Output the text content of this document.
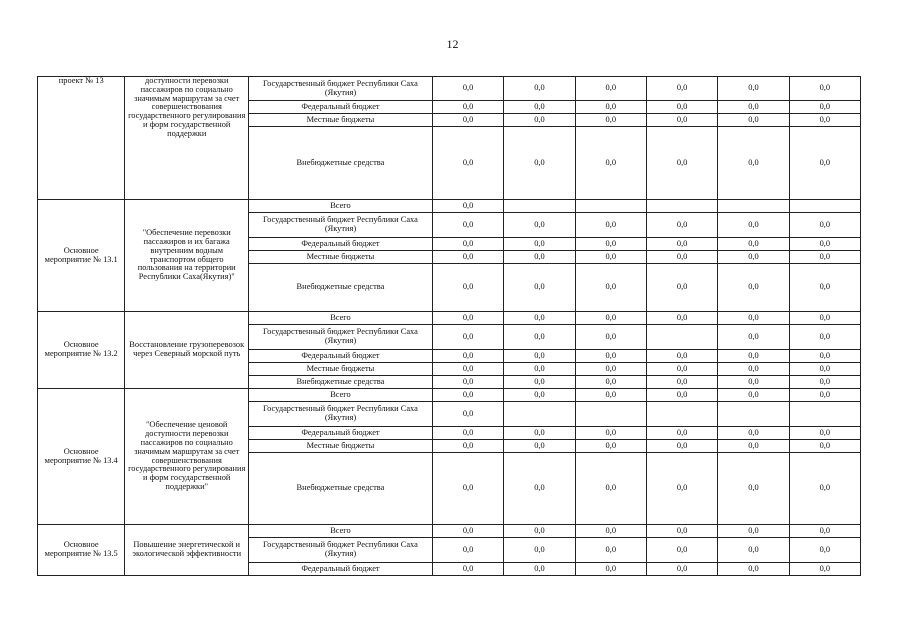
12
проект № 13	доступности перевозки пассажиров по социально значимым маршрутам за счет совершенствования государственного регулирования и форм государственной поддержки	Государственный бюджет Республики Саха (Якутия)	0,0	0,0	0,0	0,0	0,0	0,0
		Федеральный бюджет	0,0	0,0	0,0	0,0	0,0	0,0
		Местные бюджеты	0,0	0,0	0,0	0,0	0,0	0,0
		Внебюджетные средства	0,0	0,0	0,0	0,0	0,0	0,0
Основное мероприятие № 13.1	"Обеспечение перевозки пассажиров и их багажа внутренним водным транспортом общего пользования на территории Республики Саха(Якутия)"	Всего	0,0					
		Государственный бюджет Республики Саха (Якутия)	0,0	0,0	0,0	0,0	0,0	0,0
		Федеральный бюджет	0,0	0,0	0,0	0,0	0,0	0,0
		Местные бюджеты	0,0	0,0	0,0	0,0	0,0	0,0
		Внебюджетные средства	0,0	0,0	0,0	0,0	0,0	0,0
Основное мероприятие № 13.2	Восстановление грузоперевозок через Северный морской путь	Всего	0,0	0,0	0,0	0,0	0,0	0,0
		Государственный бюджет Республики Саха (Якутия)	0,0	0,0	0,0		0,0	0,0
		Федеральный бюджет	0,0	0,0	0,0	0,0	0,0	0,0
		Местные бюджеты	0,0	0,0	0,0	0,0	0,0	0,0
		Внебюджетные средства	0,0	0,0	0,0	0,0	0,0	0,0
Основное мероприятие № 13.4	"Обеспечение ценовой доступности перевозки пассажиров по социально значимым маршрутам за счет совершенствования государственного регулирования и форм государственной поддержки"	Всего	0,0	0,0	0,0	0,0	0,0	0,0
		Государственный бюджет Республики Саха (Якутия)	0,0					
		Федеральный бюджет	0,0	0,0	0,0	0,0	0,0	0,0
		Местные бюджеты	0,0	0,0	0,0	0,0	0,0	0,0
		Внебюджетные средства	0,0	0,0	0,0	0,0	0,0	0,0
Основное мероприятие № 13.5	Повышение энергетической и экологической эффективности	Всего	0,0	0,0	0,0	0,0	0,0	0,0
		Государственный бюджет Республики Саха (Якутия)	0,0	0,0	0,0	0,0	0,0	0,0
		Федеральный бюджет	0,0	0,0	0,0	0,0	0,0	0,0
